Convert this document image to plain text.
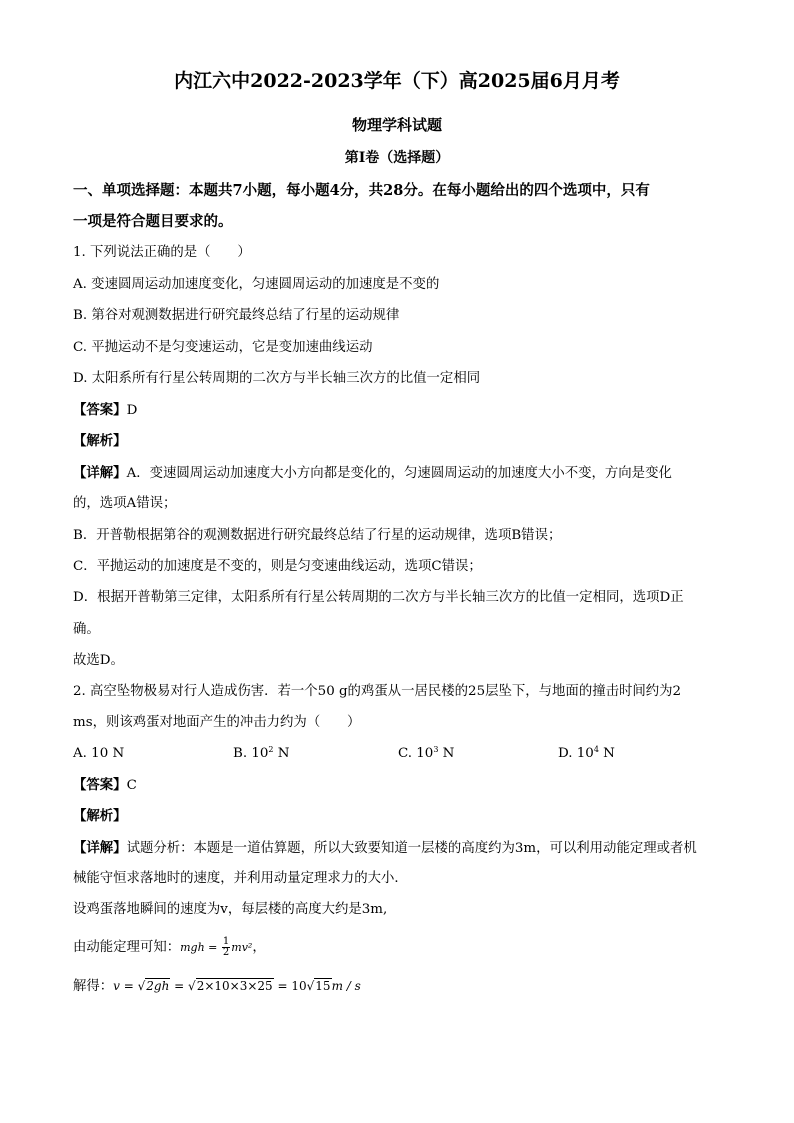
内江六中2022-2023学年（下）高2025届6月月考
物理学科试题
第I卷（选择题）
一、单项选择题：本题共7小题，每小题4分，共28分。在每小题给出的四个选项中，只有
一项是符合题目要求的。
1. 下列说法正确的是（　　）
A. 变速圆周运动加速度变化，匀速圆周运动的加速度是不变的
B. 第谷对观测数据进行研究最终总结了行星的运动规律
C. 平抛运动不是匀变速运动，它是变加速曲线运动
D. 太阳系所有行星公转周期的二次方与半长轴三次方的比值一定相同
【答案】D
【解析】
【详解】A．变速圆周运动加速度大小方向都是变化的，匀速圆周运动的加速度大小不变，方向是变化
的，选项A错误；
B．开普勒根据第谷的观测数据进行研究最终总结了行星的运动规律，选项B错误；
C．平抛运动的加速度是不变的，则是匀变速曲线运动，选项C错误；
D．根据开普勒第三定律，太阳系所有行星公转周期的二次方与半长轴三次方的比值一定相同，选项D正
确。
故选D。
2. 高空坠物极易对行人造成伤害．若一个50 g的鸡蛋从一居民楼的25层坠下，与地面的撞击时间约为2
ms，则该鸡蛋对地面产生的冲击力约为（　　）
A. 10 N	B. $10^2$ N	C. $10^3$ N	D. $10^4$ N
【答案】C
【解析】
【详解】试题分析：本题是一道估算题，所以大致要知道一层楼的高度约为3m，可以利用动能定理或者机
械能守恒求落地时的速度，并利用动量定理求力的大小．
设鸡蛋落地瞬间的速度为v，每层楼的高度大约是3m,
由动能定理可知：mgh = $\frac{1}{2} mv^2$，
解得：v = √2gh = √2×10×3×25 = 10√15m / s
